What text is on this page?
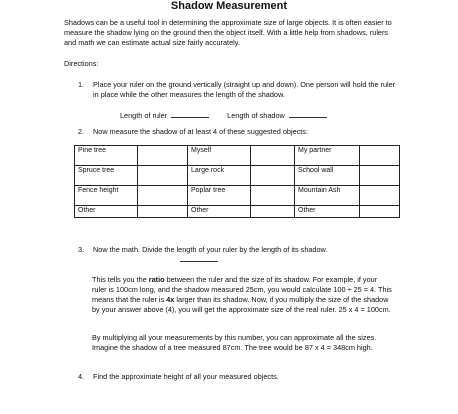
Shadow Measurement
Shadows can be a useful tool in determining the approximate size of large objects. It is often easier to measure the shadow lying on the ground then the object itself. With a little help from shadows, rulers and math we can estimate actual size fairly accurately.
Directions:
1. Place your ruler on the ground vertically (straight up and down). One person will hold the ruler in place while the other measures the length of the shadow.
Length of ruler	Length of shadow
2. Now measure the shadow of at least 4 of these suggested objects:
Pine tree		Myself		My partner	
Spruce tree		Large rock		School wall	
Fence height		Poplar tree		Mountain Ash	
Other		Other		Other	
3. Now the math. Divide the length of your ruler by the length of its shadow.
This tells you the ratio between the ruler and the size of its shadow. For example, if your ruler is 100cm long, and the shadow measured 25cm, you would calculate 100 ÷ 25 = 4. This means that the ruler is 4x larger than its shadow. Now, if you multiply the size of the shadow by your answer above (4), you will get the approximate size of the real ruler. 25 x 4 = 100cm.
By multiplying all your measurements by this number, you can approximate all the sizes. Imagine the shadow of a tree measured 87cm. The tree would be 87 x 4 = 348cm high.
4. Find the approximate height of all your measured objects.
